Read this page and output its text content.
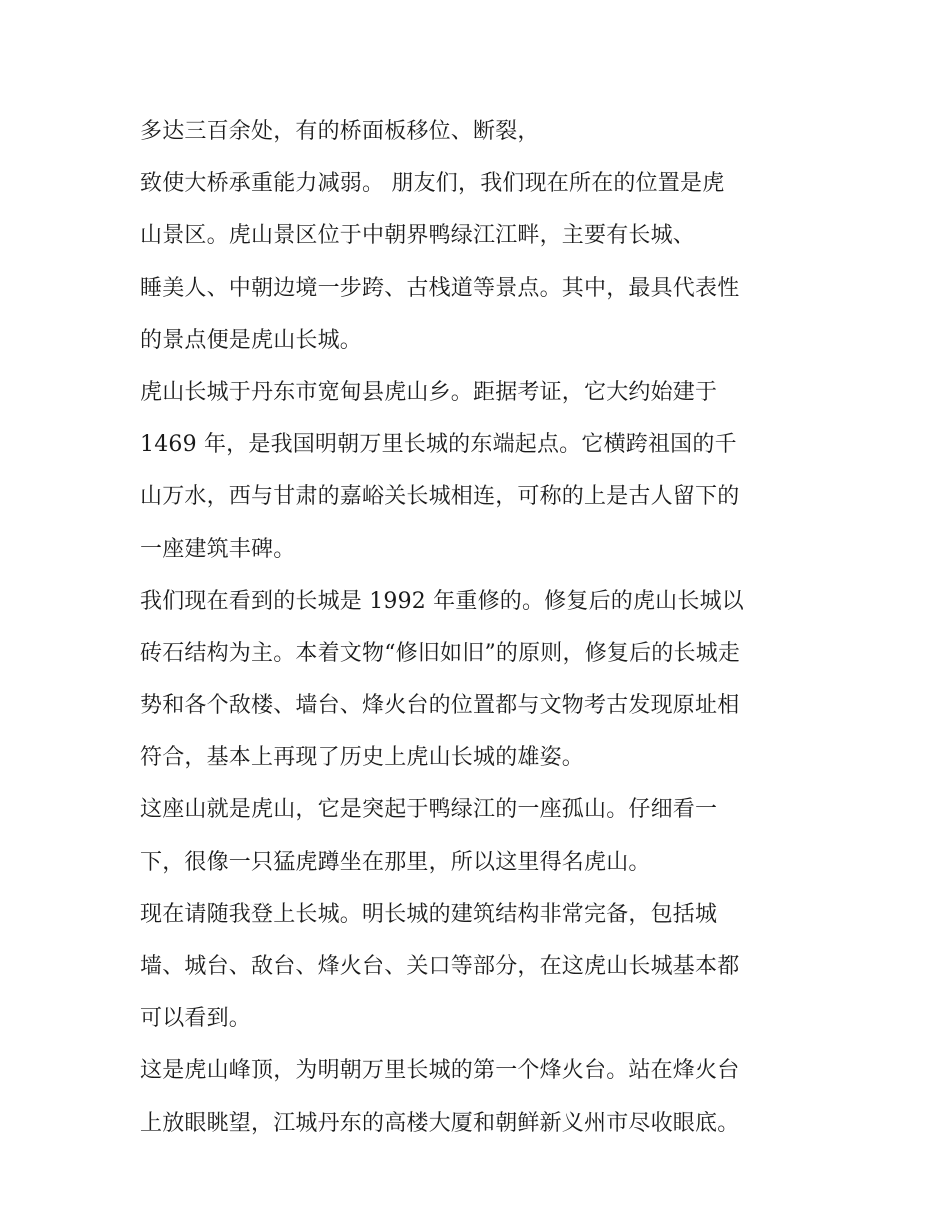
多达三百余处，有的桥面板移位、断裂，
致使大桥承重能力减弱。 朋友们，我们现在所在的位置是虎
山景区。虎山景区位于中朝界鸭绿江江畔，主要有长城、
睡美人、中朝边境一步跨、古栈道等景点。其中，最具代表性
的景点便是虎山长城。
虎山长城于丹东市宽甸县虎山乡。距据考证，它大约始建于
1469 年，是我国明朝万里长城的东端起点。它横跨祖国的千
山万水，西与甘肃的嘉峪关长城相连，可称的上是古人留下的
一座建筑丰碑。
我们现在看到的长城是 1992 年重修的。修复后的虎山长城以
砖石结构为主。本着文物“修旧如旧”的原则，修复后的长城走
势和各个敌楼、墙台、烽火台的位置都与文物考古发现原址相
符合，基本上再现了历史上虎山长城的雄姿。
这座山就是虎山，它是突起于鸭绿江的一座孤山。仔细看一
下，很像一只猛虎蹲坐在那里，所以这里得名虎山。
现在请随我登上长城。明长城的建筑结构非常完备，包括城
墙、城台、敌台、烽火台、关口等部分，在这虎山长城基本都
可以看到。
这是虎山峰顶，为明朝万里长城的第一个烽火台。站在烽火台
上放眼眺望，江城丹东的高楼大厦和朝鲜新义州市尽收眼底。
